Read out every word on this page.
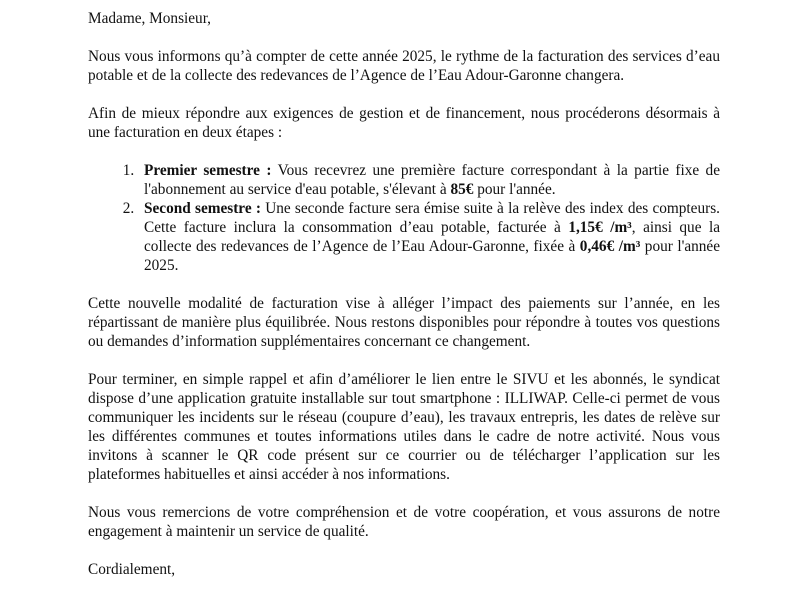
Madame, Monsieur,

Nous vous informons qu’à compter de cette année 2025, le rythme de la facturation des services d’eau potable et de la collecte des redevances de l’Agence de l’Eau Adour-Garonne changera.

Afin de mieux répondre aux exigences de gestion et de financement, nous procéderons désormais à une facturation en deux étapes :

1. Premier semestre : Vous recevrez une première facture correspondant à la partie fixe de l'abonnement au service d'eau potable, s'élevant à 85€ pour l'année.
2. Second semestre : Une seconde facture sera émise suite à la relève des index des compteurs. Cette facture inclura la consommation d’eau potable, facturée à 1,15€ /m³, ainsi que la collecte des redevances de l’Agence de l’Eau Adour-Garonne, fixée à 0,46€ /m³ pour l'année 2025.

Cette nouvelle modalité de facturation vise à alléger l’impact des paiements sur l’année, en les répartissant de manière plus équilibrée. Nous restons disponibles pour répondre à toutes vos questions ou demandes d’information supplémentaires concernant ce changement.

Pour terminer, en simple rappel et afin d’améliorer le lien entre le SIVU et les abonnés, le syndicat dispose d’une application gratuite installable sur tout smartphone : ILLIWAP. Celle-ci permet de vous communiquer les incidents sur le réseau (coupure d’eau), les travaux entrepris, les dates de relève sur les différentes communes et toutes informations utiles dans le cadre de notre activité. Nous vous invitons à scanner le QR code présent sur ce courrier ou de télécharger l’application sur les plateformes habituelles et ainsi accéder à nos informations.

Nous vous remercions de votre compréhension et de votre coopération, et vous assurons de notre engagement à maintenir un service de qualité.

Cordialement,
